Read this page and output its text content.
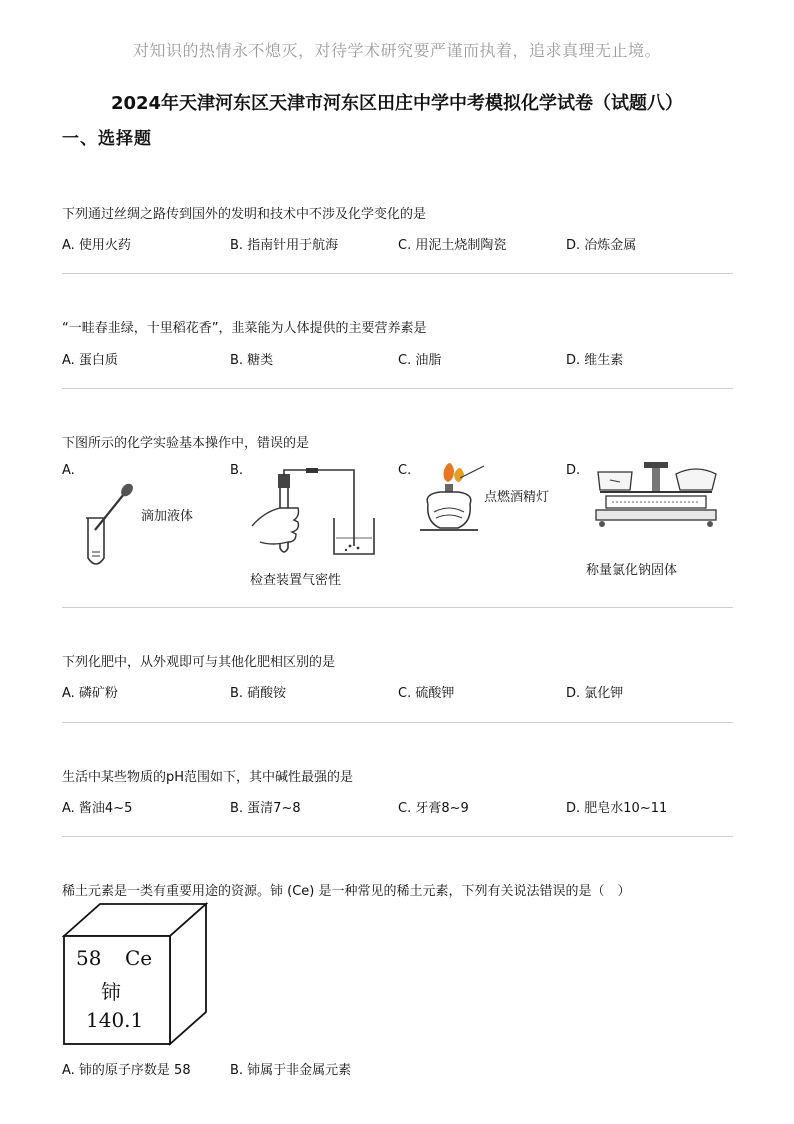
对知识的热情永不熄灭，对待学术研究要严谨而执着，追求真理无止境。
2024年天津河东区天津市河东区田庄中学中考模拟化学试卷（试题八）
一、选择题
下列通过丝绸之路传到国外的发明和技术中不涉及化学变化的是
A. 使用火药	B. 指南针用于航海	C. 用泥土烧制陶瓷	D. 冶炼金属
“一畦春韭绿，十里稻花香”，韭菜能为人体提供的主要营养素是
A. 蛋白质	B. 糖类	C. 油脂	D. 维生素
下图所示的化学实验基本操作中，错误的是
A.	B.	C.	D.
滴加液体
检查装置气密性
点燃酒精灯
称量氯化钠固体
下列化肥中，从外观即可与其他化肥相区别的是
A. 磷矿粉	B. 硝酸铵	C. 硫酸钾	D. 氯化钾
生活中某些物质的pH范围如下，其中碱性最强的是
A. 酱油4~5	B. 蛋清7~8	C. 牙膏8~9	D. 肥皂水10~11
稀土元素是一类有重要用途的资源。铈 (Ce) 是一种常见的稀土元素，下列有关说法错误的是（　）
58 Ce
铈
140.1
A. 铈的原子序数是 58	B. 铈属于非金属元素
